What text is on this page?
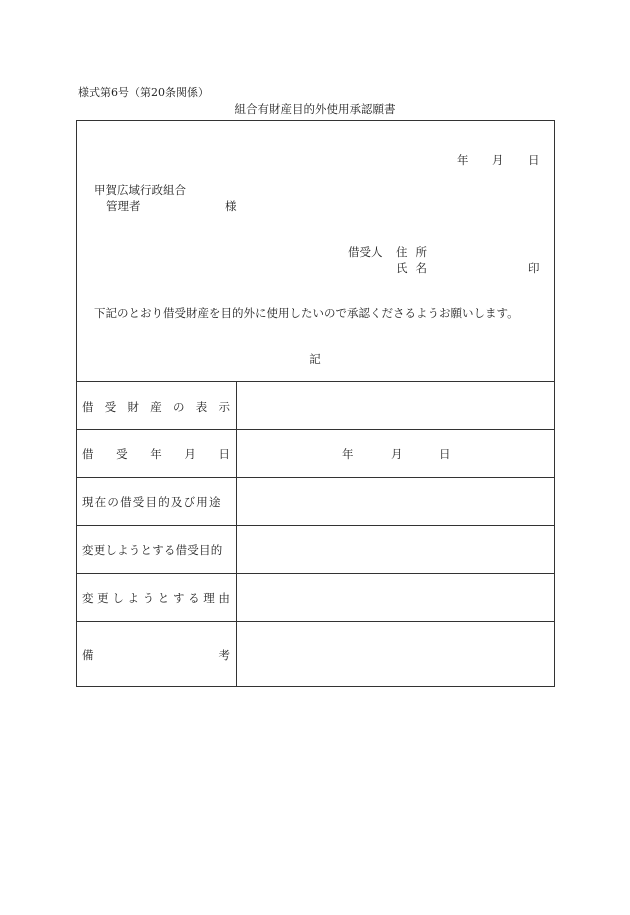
様式第6号（第20条関係）
組合有財産目的外使用承認願書
年 月 日
甲賀広域行政組合
管理者	様
借受人 住所
氏名	印
下記のとおり借受財産を目的外に使用したいので承認くださるようお願いします。
記
借 受 財 産 の 表 示
借 受 年 月 日	年	月	日
現在の借受目的及び用途
変更しようとする借受目的
変 更 し よ う と す る 理 由
備	考
